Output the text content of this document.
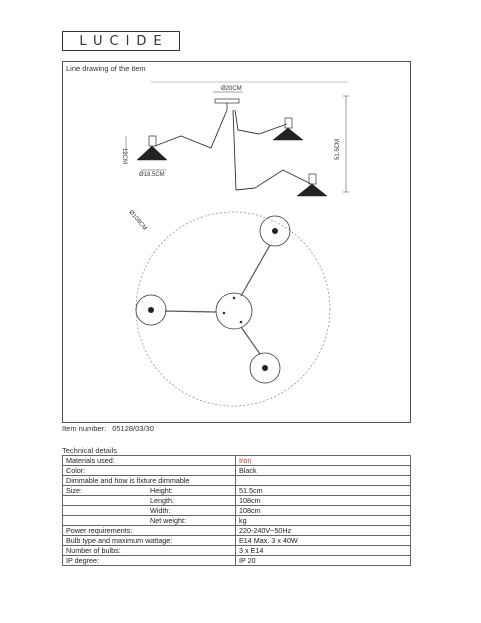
LUCIDE
Line drawing of the item
Ø20CM
12CM
Ø18.5CM
51.5CM
Ø108CM
Item number: 05128/03/30
Technical details
Materials used:	Iron
Color:	Black
Dimmable and how is fixture dimmable	
Size: Height:	51.5cm
Length:	108cm
Width:	108cm
Net weight:	kg
Power requirements:	220-240V~50Hz
Bulb type and maximum wattage:	E14 Max. 3 x 40W
Number of bulbs:	3 x E14
IP degree:	IP 20
